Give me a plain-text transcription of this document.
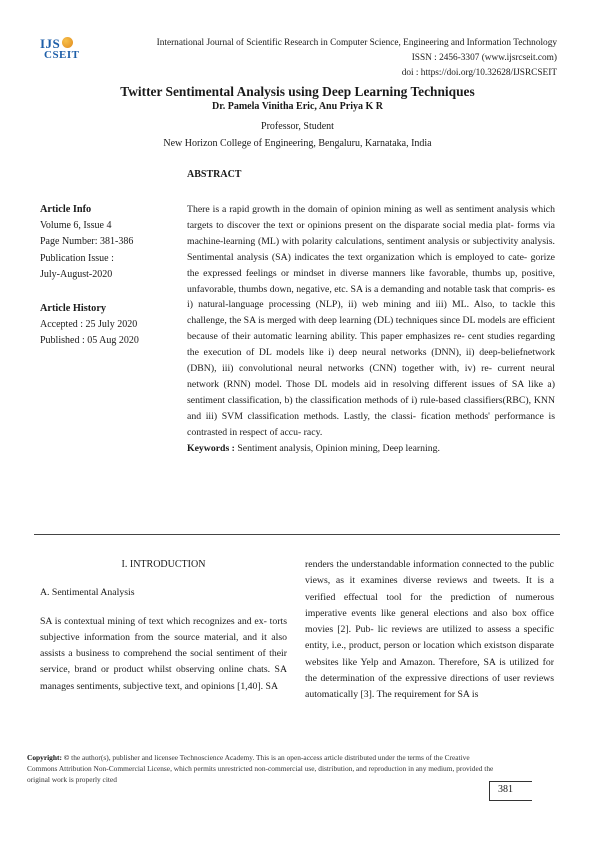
IJS
CSEIT
International Journal of Scientific Research in Computer Science, Engineering and Information Technology
ISSN : 2456-3307 (www.ijsrcseit.com)
doi : https://doi.org/10.32628/IJSRCSEIT
Twitter Sentimental Analysis using Deep Learning Techniques
Dr. Pamela Vinitha Eric, Anu Priya K R
Professor, Student
New Horizon College of Engineering, Bengaluru, Karnataka, India
ABSTRACT
Article Info
Volume 6, Issue 4
Page Number: 381-386
Publication Issue :
July-August-2020
Article History
Accepted : 25 July 2020
Published : 05 Aug 2020

There is a rapid growth in the domain of opinion mining as well as sentiment analysis which targets to discover the text or opinions present on the disparate social media plat- forms via machine-learning (ML) with polarity calculations, sentiment analysis or subjectivity analysis. Sentimental analysis (SA) indicates the text organization which is employed to cate- gorize the expressed feelings or mindset in diverse manners like favorable, thumbs up, positive, unfavorable, thumbs down, negative, etc. SA is a demanding and notable task that compris- es i) natural-language processing (NLP), ii) web mining and iii) ML. Also, to tackle this challenge, the SA is merged with deep learning (DL) techniques since DL models are efficient because of their automatic learning ability. This paper emphasizes re- cent studies regarding the execution of DL models like i) deep neural networks (DNN), ii) deep-beliefnetwork (DBN), iii) convolutional neural networks (CNN) together with, iv) re- current neural network (RNN) model. Those DL models aid in resolving different issues of SA like a) sentiment classification, b) the classification methods of i) rule-based classifiers(RBC), KNN and iii) SVM classification methods. Lastly, the classi- fication methods' performance is contrasted in respect of accu- racy.

Keywords : Sentiment analysis, Opinion mining, Deep learning.

I. INTRODUCTION

A. Sentimental Analysis

SA is contextual mining of text which recognizes and ex- torts subjective information from the source material, and it also assists a business to comprehend the social sentiment of their service, brand or product whilst observing online chats. SA manages sentiments, subjective text, and opinions [1,40]. SA

renders the understandable information connected to the public views, as it examines diverse reviews and tweets. It is a verified effectual tool for the prediction of numerous imperative events like general elections and also box office movies [2]. Pub- lic reviews are utilized to assess a specific entity, i.e., product, person or location which existson disparate websites like Yelp and Amazon. Therefore, SA is utilized for the determination of the expressive directions of user reviews automatically [3]. The requirement for SA is

Copyright: © the author(s), publisher and licensee Technoscience Academy. This is an open-access article distributed under the terms of the Creative Commons Attribution Non-Commercial License, which permits unrestricted non-commercial use, distribution, and reproduction in any medium, provided the original work is properly cited
381
